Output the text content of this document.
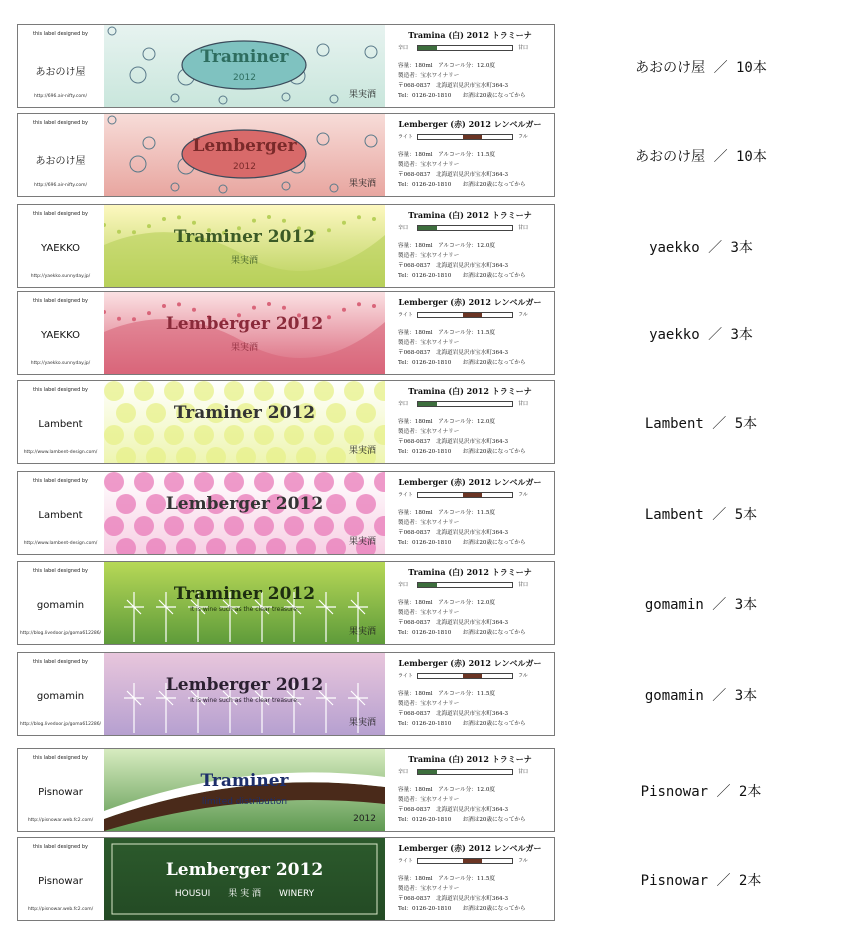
this label designed by
あおのけ屋
http://696.air-nifty.com/
Traminer
2012
果実酒
Tramina (白) 2012 トラミーナ
辛口	甘口
容量：180ml　アルコール分：12.0度
製造者：宝水ワイナリー
〒068-0837　北海道岩見沢市宝水町364-3
Tel：0126-20-1810　　お酒は20歳になってから
あおのけ屋 ／ 10本
this label designed by
あおのけ屋
http://696.air-nifty.com/
Lemberger
2012
果実酒
Lemberger (赤) 2012 レンベルガー
ライト	フル
容量：180ml　アルコール分：11.5度
製造者：宝水ワイナリー
〒068-0837　北海道岩見沢市宝水町364-3
Tel：0126-20-1810　　お酒は20歳になってから
あおのけ屋 ／ 10本
this label designed by
YAEKKO
http://yaekko.sunnyday.jp/
Traminer 2012
果実酒
Tramina (白) 2012 トラミーナ
辛口	甘口
容量：180ml　アルコール分：12.0度
製造者：宝水ワイナリー
〒068-0837　北海道岩見沢市宝水町364-3
Tel：0126-20-1810　　お酒は20歳になってから
yaekko ／ 3本
this label designed by
YAEKKO
http://yaekko.sunnyday.jp/
Lemberger 2012
果実酒
Lemberger (赤) 2012 レンベルガー
ライト	フル
容量：180ml　アルコール分：11.5度
製造者：宝水ワイナリー
〒068-0837　北海道岩見沢市宝水町364-3
Tel：0126-20-1810　　お酒は20歳になってから
yaekko ／ 3本
this label designed by
Lambent
http://www.lambent-design.com/
Traminer 2012
果実酒
Tramina (白) 2012 トラミーナ
辛口	甘口
容量：180ml　アルコール分：12.0度
製造者：宝水ワイナリー
〒068-0837　北海道岩見沢市宝水町364-3
Tel：0126-20-1810　　お酒は20歳になってから
Lambent ／ 5本
this label designed by
Lambent
http://www.lambent-design.com/
Lemberger 2012
果実酒
Lemberger (赤) 2012 レンベルガー
ライト	フル
容量：180ml　アルコール分：11.5度
製造者：宝水ワイナリー
〒068-0837　北海道岩見沢市宝水町364-3
Tel：0126-20-1810　　お酒は20歳になってから
Lambent ／ 5本
this label designed by
gomamin
http://blog.livedoor.jp/goma612286/
Traminer 2012
It is wine such as the clear treasure.
果実酒
Tramina (白) 2012 トラミーナ
辛口	甘口
容量：180ml　アルコール分：12.0度
製造者：宝水ワイナリー
〒068-0837　北海道岩見沢市宝水町364-3
Tel：0126-20-1810　　お酒は20歳になってから
gomamin ／ 3本
this label designed by
gomamin
http://blog.livedoor.jp/goma612286/
Lemberger 2012
It is wine such as the clear treasure.
果実酒
Lemberger (赤) 2012 レンベルガー
ライト	フル
容量：180ml　アルコール分：11.5度
製造者：宝水ワイナリー
〒068-0837　北海道岩見沢市宝水町364-3
Tel：0126-20-1810　　お酒は20歳になってから
gomamin ／ 3本
this label designed by
Pisnowar
http://pisnowar.web.fc2.com/
Traminer
limited distribution
2012
Tramina (白) 2012 トラミーナ
辛口	甘口
容量：180ml　アルコール分：12.0度
製造者：宝水ワイナリー
〒068-0837　北海道岩見沢市宝水町364-3
Tel：0126-20-1810　　お酒は20歳になってから
Pisnowar ／ 2本
this label designed by
Pisnowar
http://pisnowar.web.fc2.com/
Lemberger 2012
HOUSUI　　果 実 酒　　WINERY
Lemberger (赤) 2012 レンベルガー
ライト	フル
容量：180ml　アルコール分：11.5度
製造者：宝水ワイナリー
〒068-0837　北海道岩見沢市宝水町364-3
Tel：0126-20-1810　　お酒は20歳になってから
Pisnowar ／ 2本
